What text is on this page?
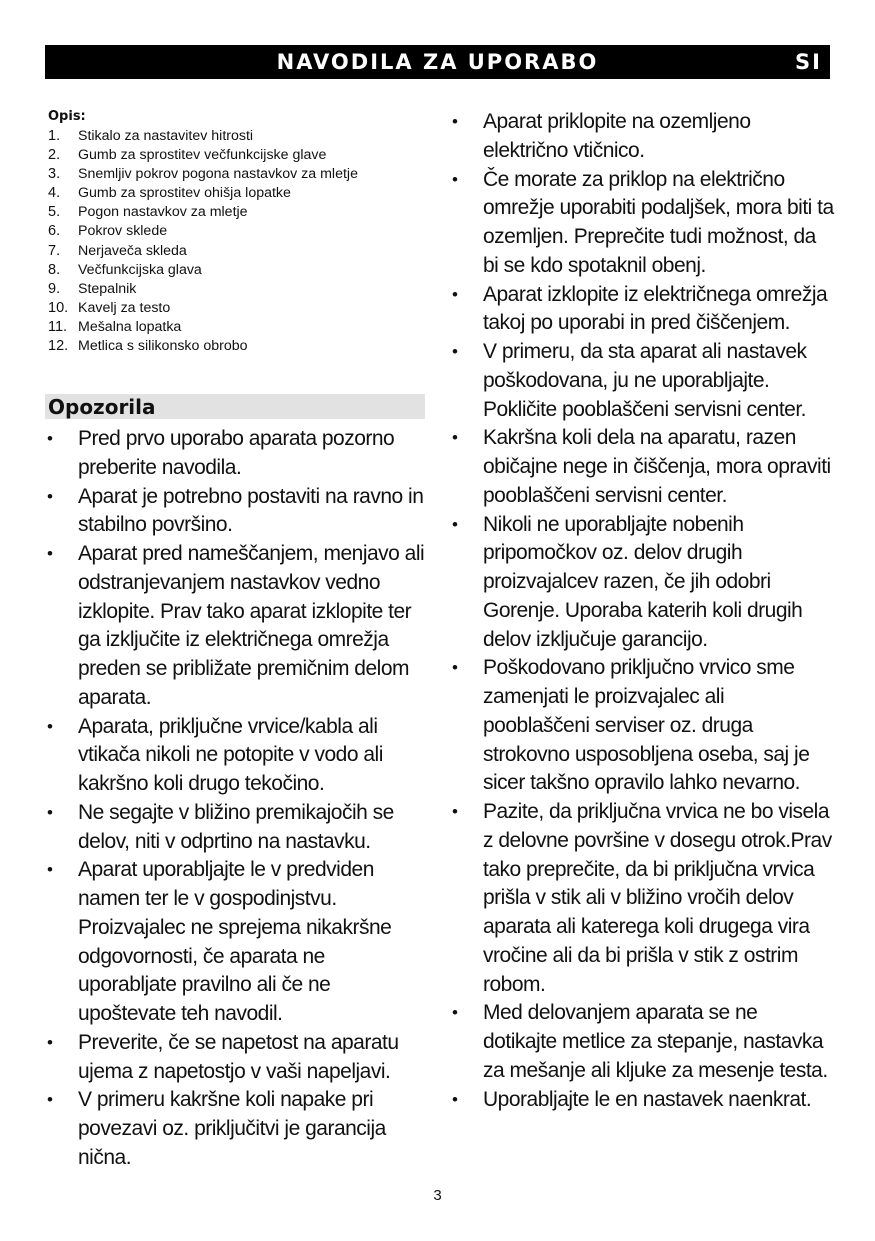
NAVODILA ZA UPORABO	SI
Opis:
1. Stikalo za nastavitev hitrosti
2. Gumb za sprostitev večfunkcijske glave
3. Snemljiv pokrov pogona nastavkov za mletje
4. Gumb za sprostitev ohišja lopatke
5. Pogon nastavkov za mletje
6. Pokrov sklede
7. Nerjaveča skleda
8. Večfunkcijska glava
9. Stepalnik
10. Kavelj za testo
11. Mešalna lopatka
12. Metlica s silikonsko obrobo
Opozorila
• Pred prvo uporabo aparata pozorno preberite navodila.
• Aparat je potrebno postaviti na ravno in stabilno površino.
• Aparat pred nameščanjem, menjavo ali odstranjevanjem nastavkov vedno izklopite. Prav tako aparat izklopite ter ga izključite iz električnega omrežja preden se približate premičnim delom aparata.
• Aparata, priključne vrvice/kabla ali vtikača nikoli ne potopite v vodo ali kakršno koli drugo tekočino.
• Ne segajte v bližino premikajočih se delov, niti v odprtino na nastavku.
• Aparat uporabljajte le v predviden namen ter le v gospodinjstvu. Proizvajalec ne sprejema nikakršne odgovornosti, če aparata ne uporabljate pravilno ali če ne upoštevate teh navodil.
• Preverite, če se napetost na aparatu ujema z napetostjo v vaši napeljavi.
• V primeru kakršne koli napake pri povezavi oz. priključitvi je garancija nična.
• Aparat priklopite na ozemljeno električno vtičnico.
• Če morate za priklop na električno omrežje uporabiti podaljšek, mora biti ta ozemljen. Preprečite tudi možnost, da bi se kdo spotaknil obenj.
• Aparat izklopite iz električnega omrežja takoj po uporabi in pred čiščenjem.
• V primeru, da sta aparat ali nastavek poškodovana, ju ne uporabljajte. Pokličite pooblaščeni servisni center.
• Kakršna koli dela na aparatu, razen običajne nege in čiščenja, mora opraviti pooblaščeni servisni center.
• Nikoli ne uporabljajte nobenih pripomočkov oz. delov drugih proizvajalcev razen, če jih odobri Gorenje. Uporaba katerih koli drugih delov izključuje garancijo.
• Poškodovano priključno vrvico sme zamenjati le proizvajalec ali pooblaščeni serviser oz. druga strokovno usposobljena oseba, saj je sicer takšno opravilo lahko nevarno.
• Pazite, da priključna vrvica ne bo visela z delovne površine v dosegu otrok.Prav tako preprečite, da bi priključna vrvica prišla v stik ali v bližino vročih delov aparata ali katerega koli drugega vira vročine ali da bi prišla v stik z ostrim robom.
• Med delovanjem aparata se ne dotikajte metlice za stepanje, nastavka za mešanje ali kljuke za mesenje testa.
• Uporabljajte le en nastavek naenkrat.
3
